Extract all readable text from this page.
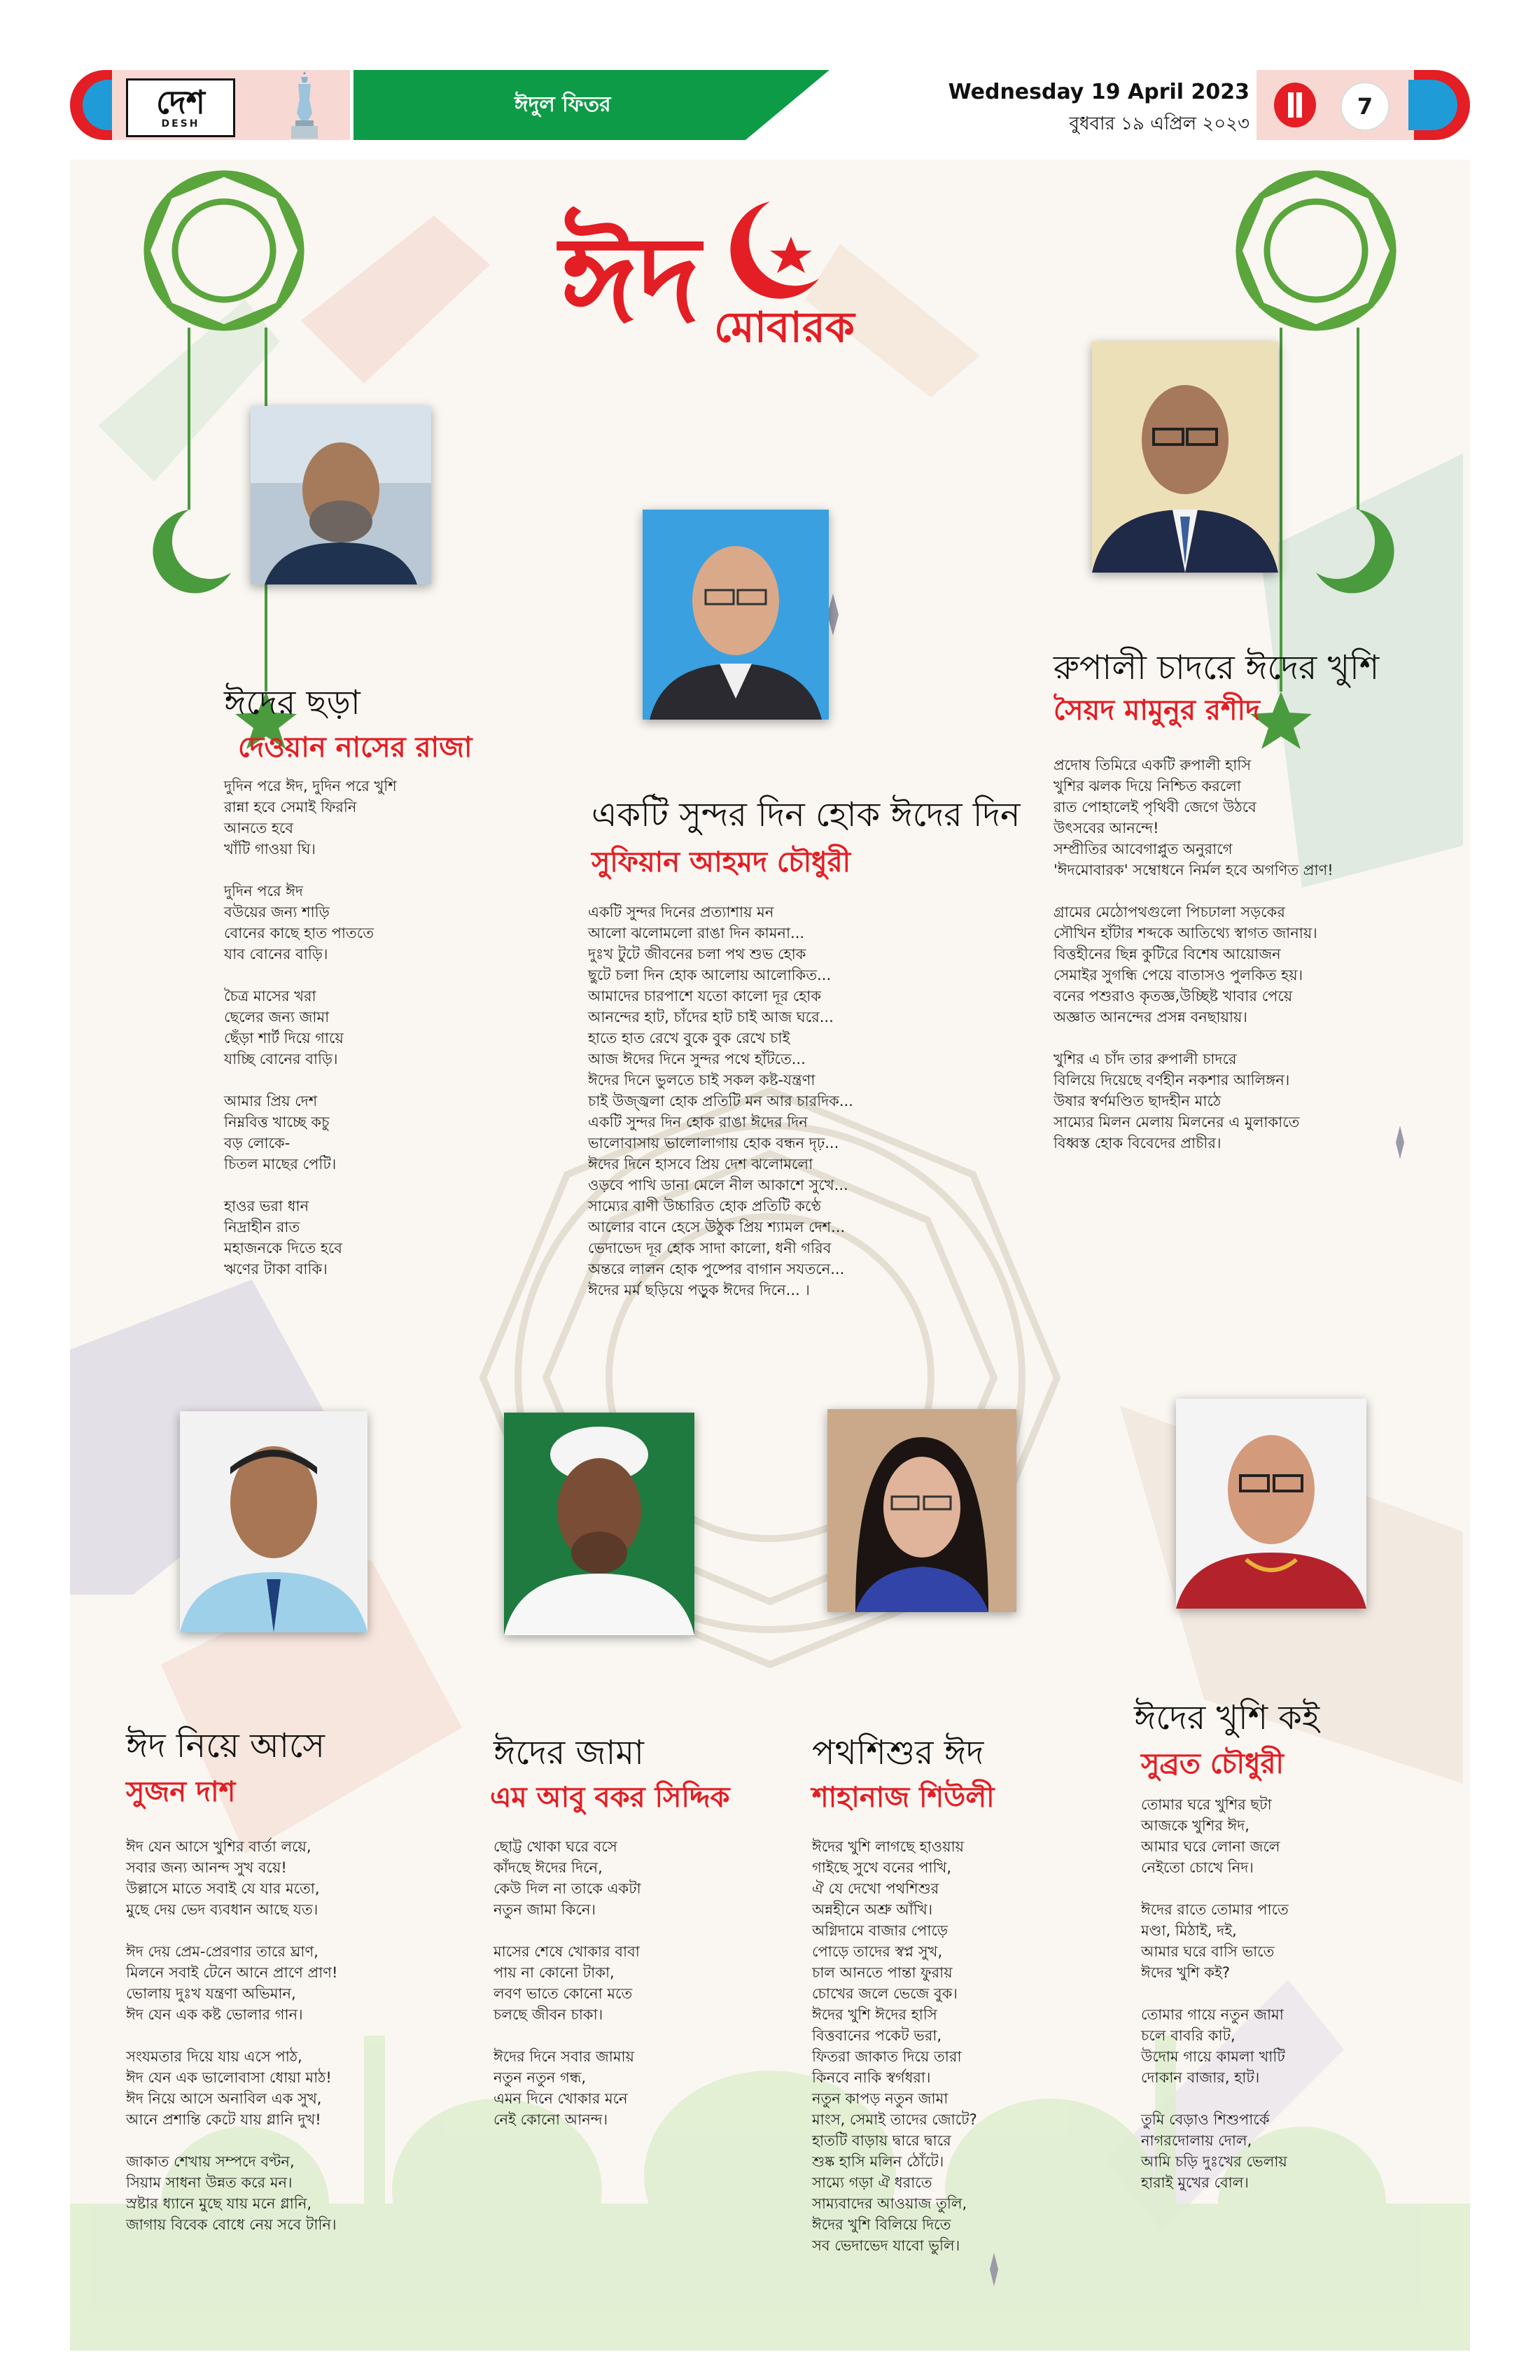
দেশ
DESH
ঈদুল ফিতর	Wednesday 19 April 2023
বুধবার ১৯ এপ্রিল ২০২৩
7
ঈদ মোবারক
ঈদের ছড়া
দেওয়ান নাসের রাজা

দুদিন পরে ঈদ, দুদিন পরে খুশি
রান্না হবে সেমাই ফিরনি
আনতে হবে
খাঁটি গাওয়া ঘি।

দুদিন পরে ঈদ
বউয়ের জন্য শাড়ি
বোনের কাছে হাত পাততে
যাব বোনের বাড়ি।

চৈত্র মাসের খরা
ছেলের জন্য জামা
ছেঁড়া শার্ট দিয়ে গায়ে
যাচ্ছি বোনের বাড়ি।

আমার প্রিয় দেশ
নিম্নবিত্ত খাচ্ছে কচু
বড় লোকে-
চিতল মাছের পেটি।

হাওর ভরা ধান
নিদ্রাহীন রাত
মহাজনকে দিতে হবে
ঋণের টাকা বাকি।

একটি সুন্দর দিন হোক ঈদের দিন
সুফিয়ান আহমদ চৌধুরী

একটি সুন্দর দিনের প্রত্যাশায় মন
আলো ঝলোমলো রাঙা দিন কামনা...
দুঃখ টুটে জীবনের চলা পথ শুভ হোক
ছুটে চলা দিন হোক আলোয় আলোকিত...
আমাদের চারপাশে যতো কালো দূর হোক
আনন্দের হাট, চাঁদের হাট চাই আজ ঘরে...
হাতে হাত রেখে বুকে বুক রেখে চাই
আজ ঈদের দিনে সুন্দর পথে হাঁটতে...
ঈদের দিনে ভুলতে চাই সকল কষ্ট-যন্ত্রণা
চাই উজ্জ্বলা হোক প্রতিটি মন আর চারদিক...
একটি সুন্দর দিন হোক রাঙা ঈদের দিন
ভালোবাসায় ভালোলাগায় হোক বন্ধন দৃঢ়...
ঈদের দিনে হাসবে প্রিয় দেশ ঝলোমলো
ওড়বে পাখি ডানা মেলে নীল আকাশে সুখে...
সাম্যের বাণী উচ্চারিত হোক প্রতিটি কণ্ঠে
আলোর বানে হেসে উঠুক প্রিয় শ্যামল দেশ...
ভেদাভেদ দূর হোক সাদা কালো, ধনী গরিব
অন্তরে লালন হোক পুষ্পের বাগান সযতনে...
ঈদের মর্ম ছড়িয়ে পড়ুক ঈদের দিনে... ।

রুপালী চাদরে ঈদের খুশি
সৈয়দ মামুনুর রশীদ

প্রদোষ তিমিরে একটি রুপালী হাসি
খুশির ঝলক দিয়ে নিশ্চিত করলো
রাত পোহালেই পৃথিবী জেগে উঠবে
উৎসবের আনন্দে!
সম্প্রীতির আবেগাপ্লুত অনুরাগে
'ঈদমোবারক' সম্বোধনে নির্মল হবে অগণিত প্রাণ!

গ্রামের মেঠোপথগুলো পিচঢালা সড়কের
সৌখিন হাঁটার শব্দকে আতিথ্যে স্বাগত জানায়।
বিত্তহীনের ছিন্ন কুটিরে বিশেষ আয়োজন
সেমাইর সুগন্ধি পেয়ে বাতাসও পুলকিত হয়।
বনের পশুরাও কৃতজ্ঞ,উচ্ছিষ্ট খাবার পেয়ে
অজ্ঞাত আনন্দের প্রসন্ন বনছায়ায়।

খুশির এ চাঁদ তার রুপালী চাদরে
বিলিয়ে দিয়েছে বর্ণহীন নকশার আলিঙ্গন।
উষার স্বর্ণমণ্ডিত ছাদহীন মাঠে
সাম্যের মিলন মেলায় মিলনের এ মুলাকাতে
বিধ্বস্ত হোক বিবেদের প্রাচীর।

ঈদ নিয়ে আসে
সুজন দাশ

ঈদ যেন আসে খুশির বার্তা লয়ে,
সবার জন্য আনন্দ সুখ বয়ে!
উল্লাসে মাতে সবাই যে যার মতো,
মুছে দেয় ভেদ ব্যবধান আছে যত।

ঈদ দেয় প্রেম-প্রেরণার তারে ঘ্রাণ,
মিলনে সবাই টেনে আনে প্রাণে প্রাণ!
ভোলায় দুঃখ যন্ত্রণা অভিমান,
ঈদ যেন এক কষ্ট ভোলার গান।

সংযমতার দিয়ে যায় এসে পাঠ,
ঈদ যেন এক ভালোবাসা ধোয়া মাঠ!
ঈদ নিয়ে আসে অনাবিল এক সুখ,
আনে প্রশান্তি কেটে যায় গ্লানি দুখ!

জাকাত শেখায় সম্পদে বণ্টন,
সিয়াম সাধনা উন্নত করে মন।
স্রষ্টার ধ্যানে মুছে যায় মনে গ্লানি,
জাগায় বিবেক বোধে নেয় সবে টানি।

ঈদের জামা
এম আবু বকর সিদ্দিক

ছোট্ট খোকা ঘরে বসে
কাঁদছে ঈদের দিনে,
কেউ দিল না তাকে একটা
নতুন জামা কিনে।

মাসের শেষে খোকার বাবা
পায় না কোনো টাকা,
লবণ ভাতে কোনো মতে
চলছে জীবন চাকা।

ঈদের দিনে সবার জামায়
নতুন নতুন গন্ধ,
এমন দিনে খোকার মনে
নেই কোনো আনন্দ।

পথশিশুর ঈদ
শাহানাজ শিউলী

ঈদের খুশি লাগছে হাওয়ায়
গাইছে সুখে বনের পাখি,
ঐ যে দেখো পথশিশুর
অন্নহীনে অশ্রু আঁখি।
অগ্নিদামে বাজার পোড়ে
পোড়ে তাদের স্বপ্ন সুখ,
চাল আনতে পান্তা ফুরায়
চোখের জলে ভেজে বুক।
ঈদের খুশি ঈদের হাসি
বিত্তবানের পকেট ভরা,
ফিতরা জাকাত দিয়ে তারা
কিনবে নাকি স্বর্গধরা।
নতুন কাপড় নতুন জামা
মাংস, সেমাই তাদের জোটে?
হাতটি বাড়ায় দ্বারে দ্বারে
শুষ্ক হাসি মলিন ঠোঁটে।
সাম্যে গড়া ঐ ধরাতে
সাম্যবাদের আওয়াজ তুলি,
ঈদের খুশি বিলিয়ে দিতে
সব ভেদাভেদ যাবো ভুলি।

ঈদের খুশি কই
সুব্রত চৌধুরী

তোমার ঘরে খুশির ছটা
আজকে খুশির ঈদ,
আমার ঘরে লোনা জলে
নেইতো চোখে নিদ।

ঈদের রাতে তোমার পাতে
মণ্ডা, মিঠাই, দই,
আমার ঘরে বাসি ভাতে
ঈদের খুশি কই?

তোমার গায়ে নতুন জামা
চলে বাবরি কাট,
উদোম গায়ে কামলা খাটি
দোকান বাজার, হাট।

তুমি বেড়াও শিশুপার্কে
নাগরদোলায় দোল,
আমি চড়ি দুঃখের ভেলায়
হারাই মুখের বোল।
